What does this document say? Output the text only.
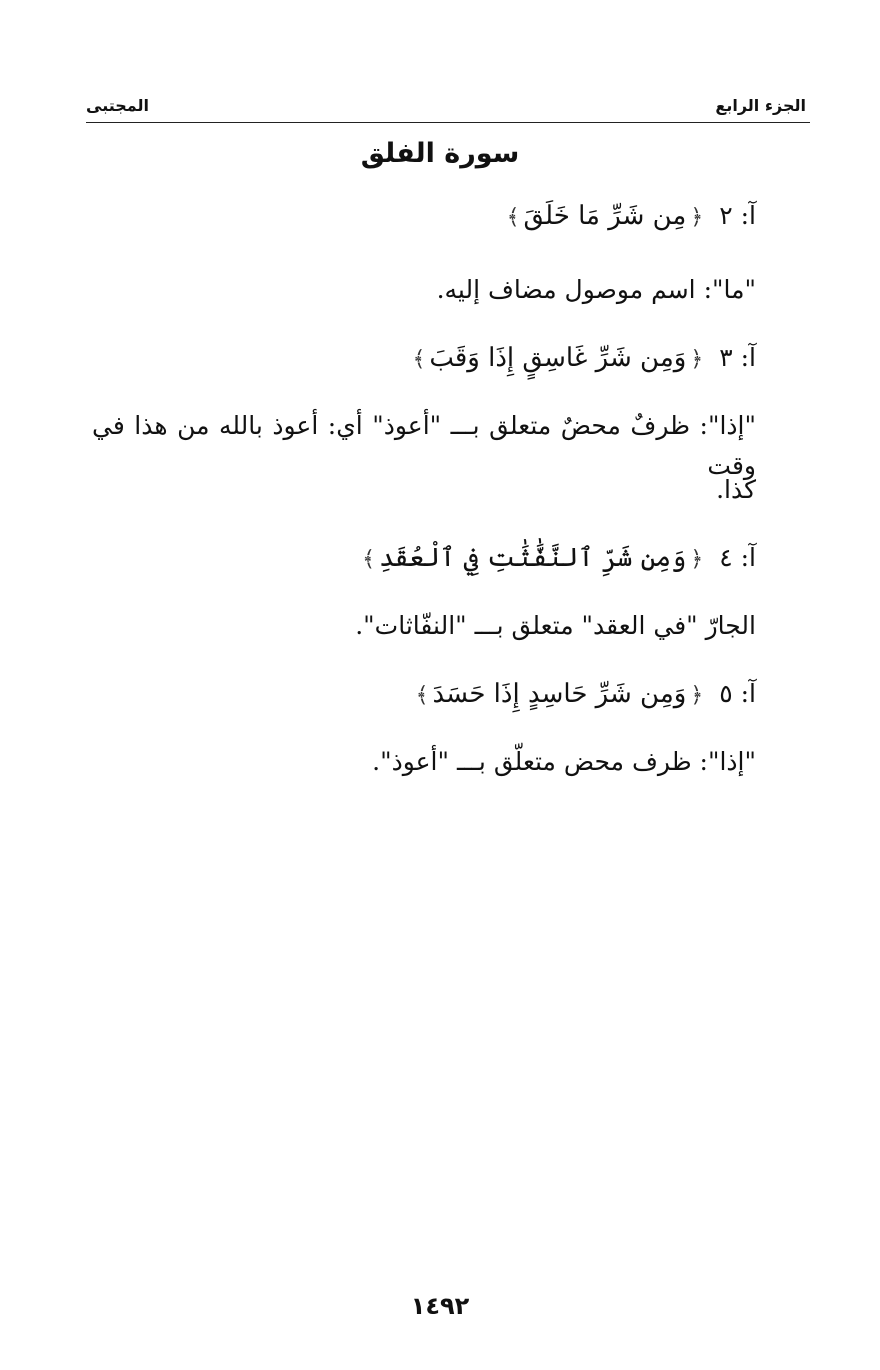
الجزء الرابع
المجتبى
سورة الفلق
آ: ٢﴿مِن شَرِّ مَا خَلَقَ﴾
"ما": اسم موصول مضاف إليه.
آ: ٣﴿وَمِن شَرِّ غَاسِقٍ إِذَا وَقَبَ﴾
"إذا": ظرفٌ محضٌ متعلق بـــ "أعوذ" أي: أعوذ بالله من هذا في وقت
كذا.
آ: ٤﴿وَمِن شَرِّ ٱلنَّفَّٰثَٰتِ فِي ٱلْعُقَدِ﴾
الجارّ "في العقد" متعلق بـــ "النفّاثات".
آ: ٥﴿وَمِن شَرِّ حَاسِدٍ إِذَا حَسَدَ﴾
"إذا": ظرف محض متعلّق بـــ "أعوذ".
١٤٩٢
